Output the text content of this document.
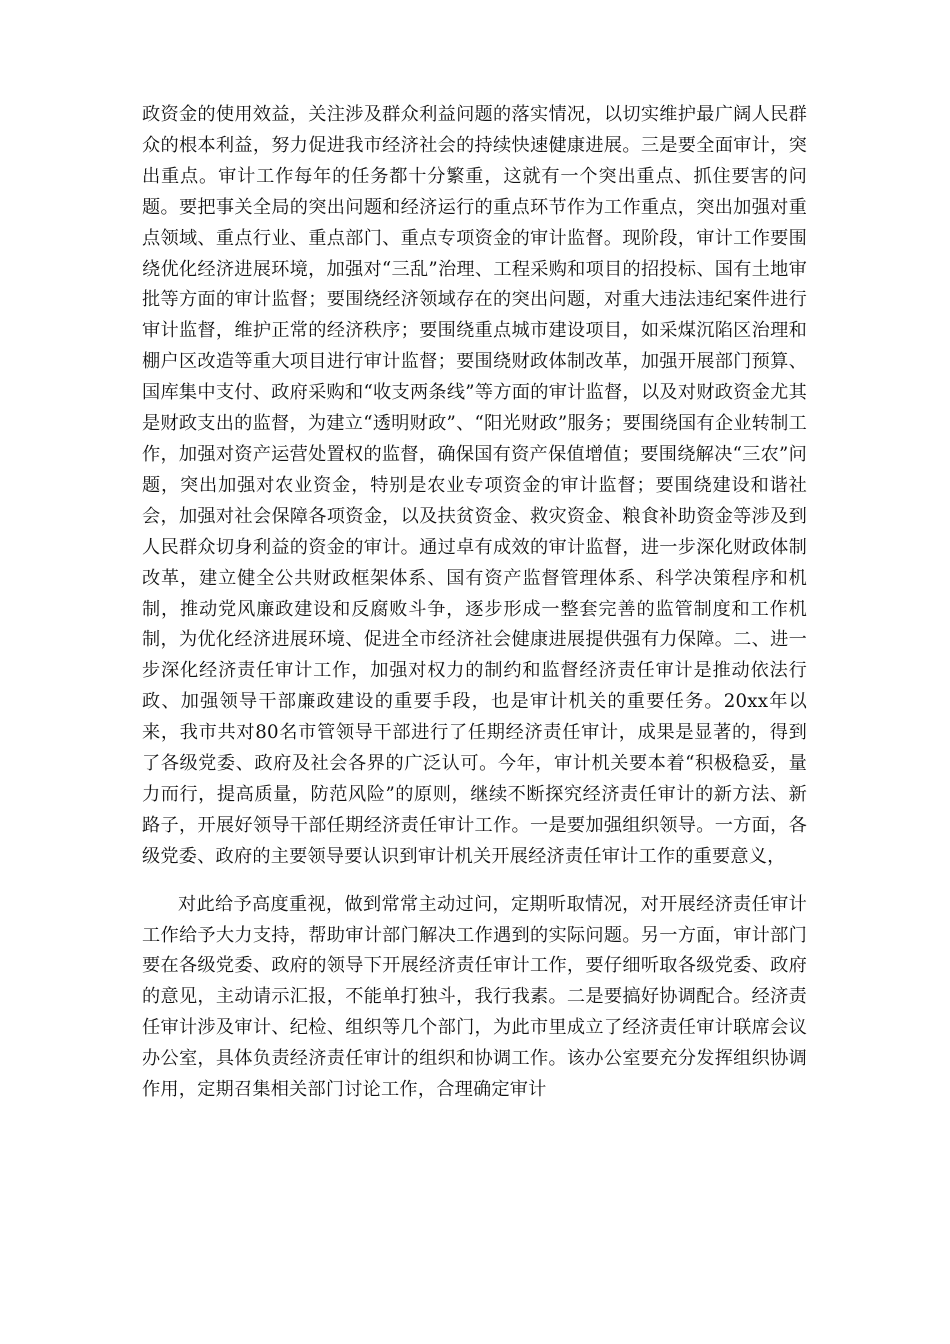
政资金的使用效益，关注涉及群众利益问题的落实情况，以切实维护最广阔人民群众的根本利益，努力促进我市经济社会的持续快速健康进展。三是要全面审计，突出重点。审计工作每年的任务都十分繁重，这就有一个突出重点、抓住要害的问题。要把事关全局的突出问题和经济运行的重点环节作为工作重点，突出加强对重点领域、重点行业、重点部门、重点专项资金的审计监督。现阶段，审计工作要围绕优化经济进展环境，加强对“三乱”治理、工程采购和项目的招投标、国有土地审批等方面的审计监督；要围绕经济领域存在的突出问题，对重大违法违纪案件进行审计监督，维护正常的经济秩序；要围绕重点城市建设项目，如采煤沉陷区治理和棚户区改造等重大项目进行审计监督；要围绕财政体制改革，加强开展部门预算、国库集中支付、政府采购和“收支两条线”等方面的审计监督，以及对财政资金尤其是财政支出的监督，为建立“透明财政”、“阳光财政”服务；要围绕国有企业转制工作，加强对资产运营处置权的监督，确保国有资产保值增值；要围绕解决“三农”问题，突出加强对农业资金，特别是农业专项资金的审计监督；要围绕建设和谐社会，加强对社会保障各项资金，以及扶贫资金、救灾资金、粮食补助资金等涉及到人民群众切身利益的资金的审计。通过卓有成效的审计监督，进一步深化财政体制改革，建立健全公共财政框架体系、国有资产监督管理体系、科学决策程序和机制，推动党风廉政建设和反腐败斗争，逐步形成一整套完善的监管制度和工作机制，为优化经济进展环境、促进全市经济社会健康进展提供强有力保障。二、进一步深化经济责任审计工作，加强对权力的制约和监督经济责任审计是推动依法行政、加强领导干部廉政建设的重要手段，也是审计机关的重要任务。20xx年以来，我市共对80名市管领导干部进行了任期经济责任审计，成果是显著的，得到了各级党委、政府及社会各界的广泛认可。今年，审计机关要本着“积极稳妥，量力而行，提高质量，防范风险”的原则，继续不断探究经济责任审计的新方法、新路子，开展好领导干部任期经济责任审计工作。一是要加强组织领导。一方面，各级党委、政府的主要领导要认识到审计机关开展经济责任审计工作的重要意义，

对此给予高度重视，做到常常主动过问，定期听取情况，对开展经济责任审计工作给予大力支持，帮助审计部门解决工作遇到的实际问题。另一方面，审计部门要在各级党委、政府的领导下开展经济责任审计工作，要仔细听取各级党委、政府的意见，主动请示汇报，不能单打独斗，我行我素。二是要搞好协调配合。经济责任审计涉及审计、纪检、组织等几个部门，为此市里成立了经济责任审计联席会议办公室，具体负责经济责任审计的组织和协调工作。该办公室要充分发挥组织协调作用，定期召集相关部门讨论工作，合理确定审计
